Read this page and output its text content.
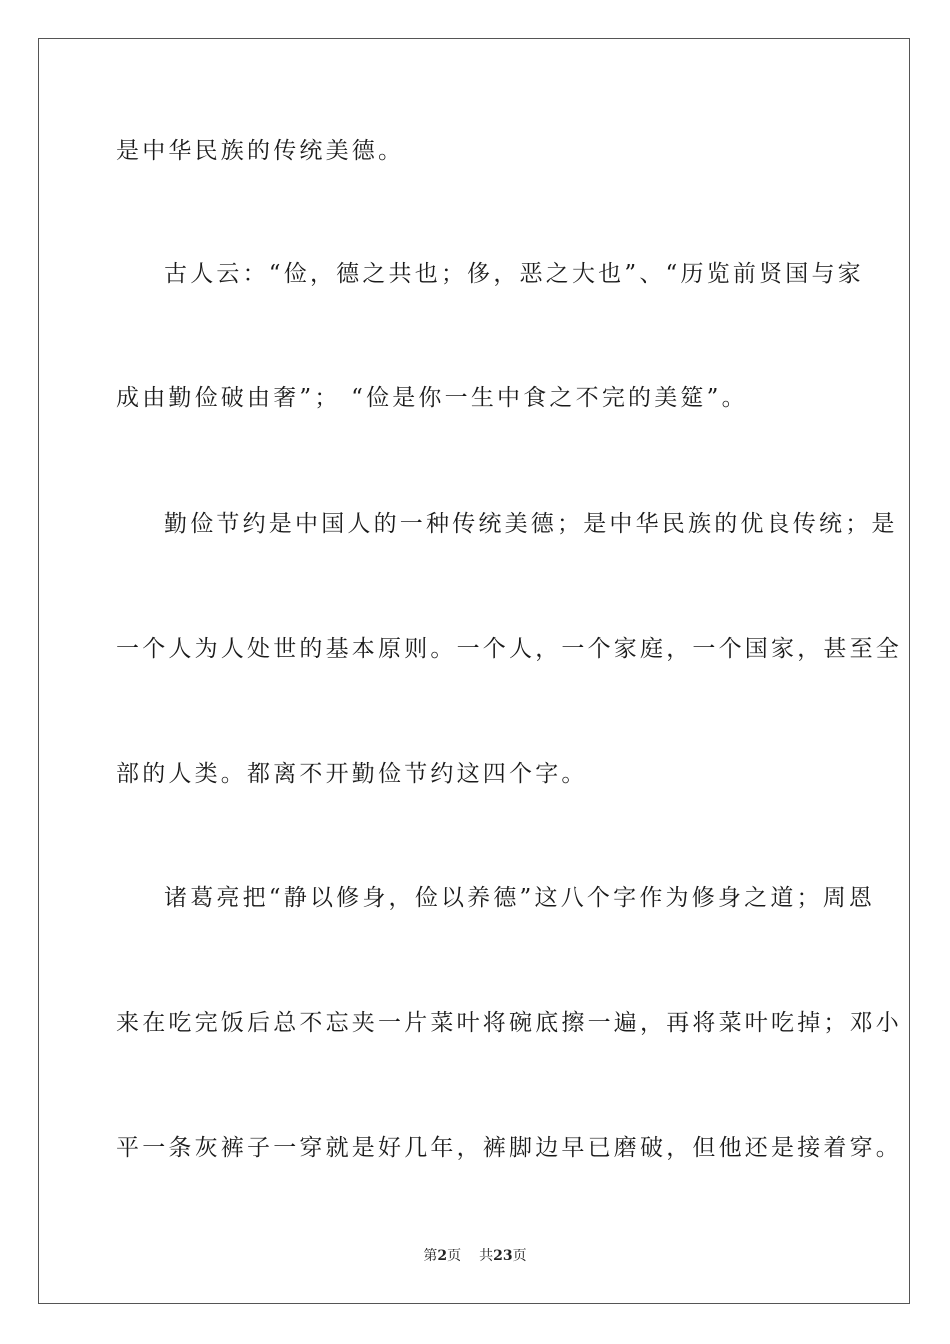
是中华民族的传统美德。
古人云：“俭，德之共也；侈，恶之大也”、“历览前贤国与家
成由勤俭破由奢”； “俭是你一生中食之不完的美筵”。
勤俭节约是中国人的一种传统美德；是中华民族的优良传统；是
一个人为人处世的基本原则。一个人，一个家庭，一个国家，甚至全
部的人类。都离不开勤俭节约这四个字。
诸葛亮把“静以修身，俭以养德”这八个字作为修身之道；周恩
来在吃完饭后总不忘夹一片菜叶将碗底擦一遍，再将菜叶吃掉；邓小
平一条灰裤子一穿就是好几年，裤脚边早已磨破，但他还是接着穿。
第2页 共23页
